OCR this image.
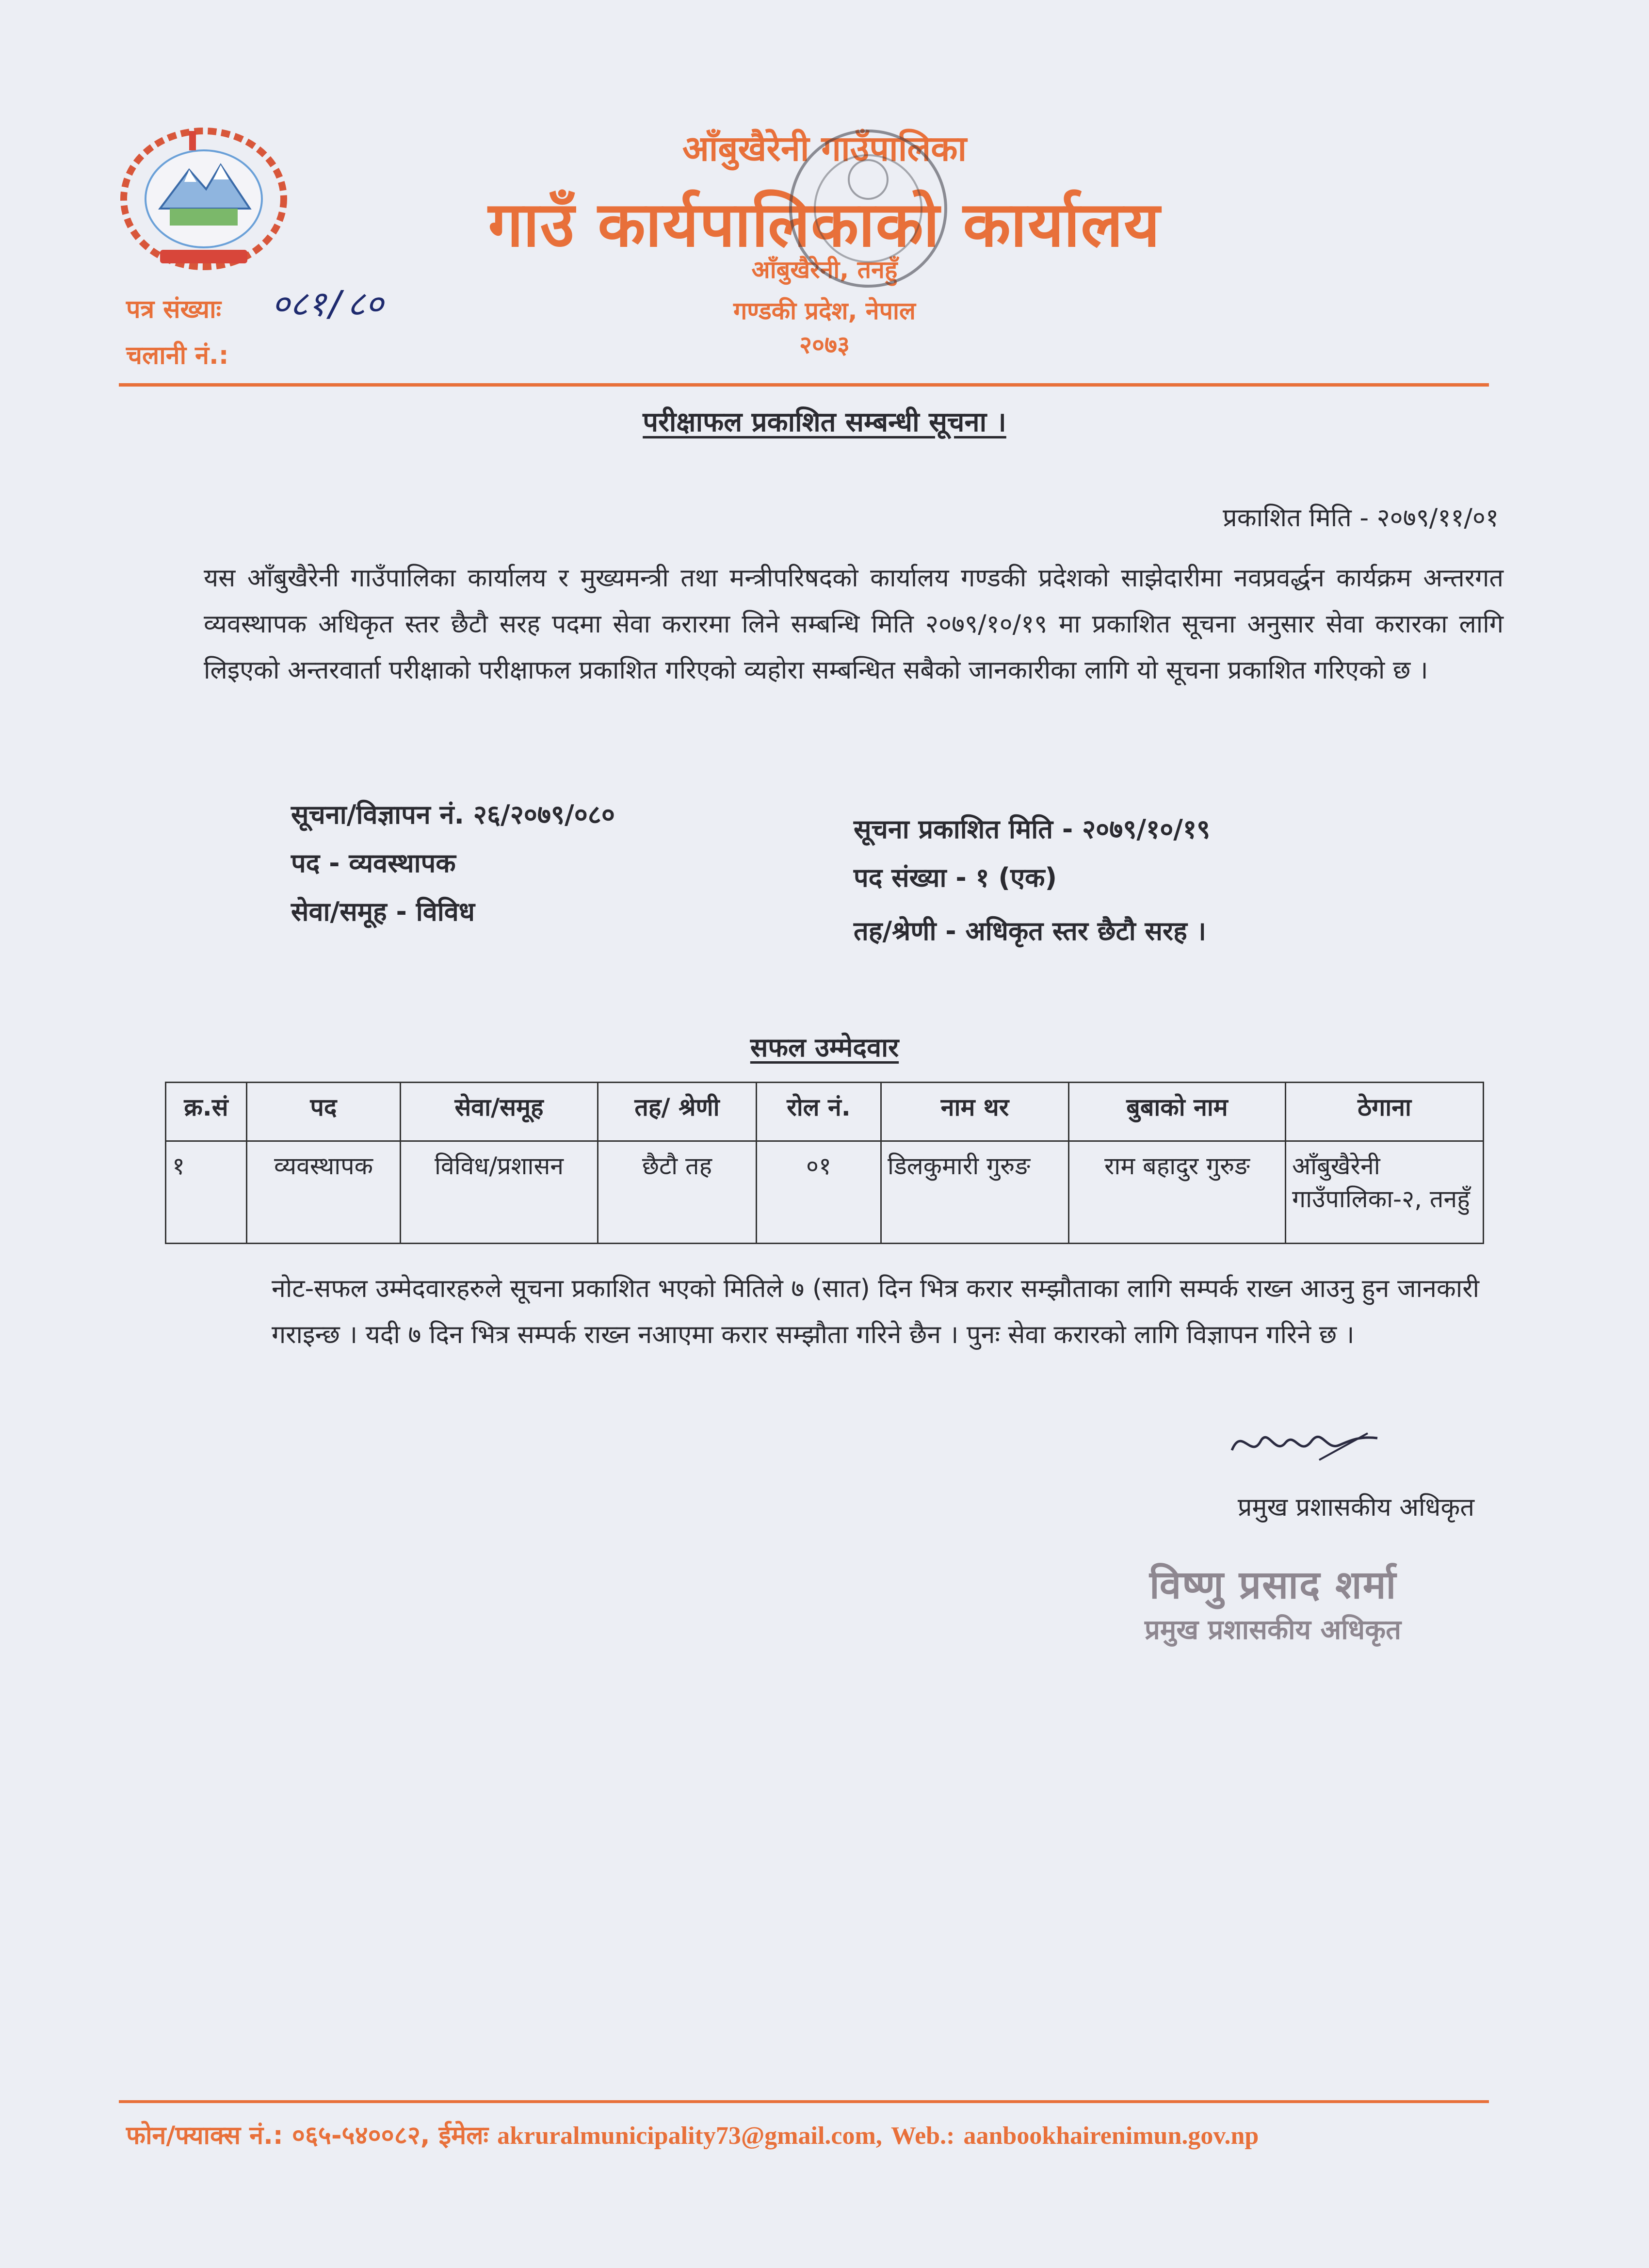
आँबुखैरेनी गाउँपालिका
गाउँ कार्यपालिकाको कार्यालय
आँबुखैरेनी, तनहुँ
गण्डकी प्रदेश, नेपाल
२०७३
पत्र संख्याः ०८१/८०
चलानी नं.:
परीक्षाफल प्रकाशित सम्बन्धी सूचना ।
प्रकाशित मिति - २०७९/११/०१
यस आँबुखैरेनी गाउँपालिका कार्यालय र मुख्यमन्त्री तथा मन्त्रीपरिषदको कार्यालय गण्डकी प्रदेशको साझेदारीमा नवप्रवर्द्धन कार्यक्रम अन्तरगत व्यवस्थापक अधिकृत स्तर छैटौ सरह पदमा सेवा करारमा लिने सम्बन्धि मिति २०७९/१०/१९ मा प्रकाशित सूचना अनुसार सेवा करारका लागि लिइएको अन्तरवार्ता परीक्षाको परीक्षाफल प्रकाशित गरिएको व्यहोरा सम्बन्धित सबैको जानकारीका लागि यो सूचना प्रकाशित गरिएको छ ।
सूचना/विज्ञापन नं. २६/२०७९/०८०
पद - व्यवस्थापक
सेवा/समूह - विविध
सूचना प्रकाशित मिति - २०७९/१०/१९
पद संख्या - १ (एक)
तह/श्रेणी - अधिकृत स्तर छैटौ सरह ।
सफल उम्मेदवार
क्र.सं	पद	सेवा/समूह	तह/ श्रेणी	रोल नं.	नाम थर	बुबाको नाम	ठेगाना
१	व्यवस्थापक	विविध/प्रशासन	छैटौ तह	०१	डिलकुमारी गुरुङ	राम बहादुर गुरुङ	आँबुखैरेनी गाउँपालिका-२, तनहुँ
नोट-सफल उम्मेदवारहरुले सूचना प्रकाशित भएको मितिले ७ (सात) दिन भित्र करार सम्झौताका लागि सम्पर्क राख्न आउनु हुन जानकारी गराइन्छ । यदी ७ दिन भित्र सम्पर्क राख्न नआएमा करार सम्झौता गरिने छैन । पुनः सेवा करारको लागि विज्ञापन गरिने छ ।
प्रमुख प्रशासकीय अधिकृत
विष्णु प्रसाद शर्मा
प्रमुख प्रशासकीय अधिकृत
फोन/फ्याक्स नं.: ०६५-५४००८२, ईमेलः akruralmunicipality73@gmail.com, Web.: aanbookhairenimun.gov.np
